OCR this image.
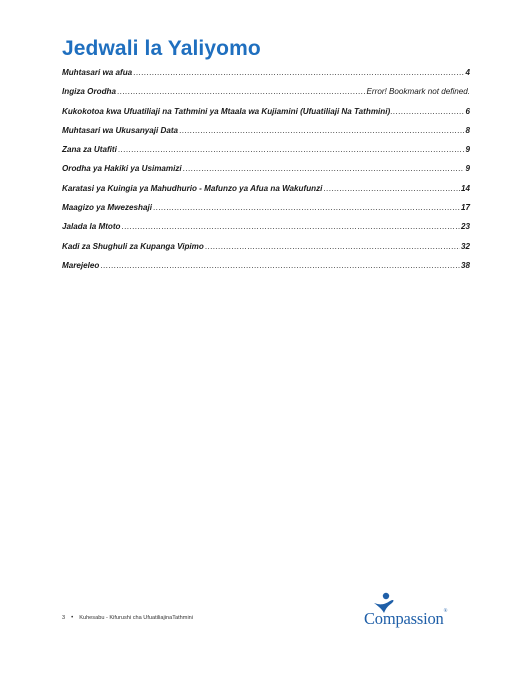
Jedwali la Yaliyomo
Muhtasari wa afua .....	4
Ingiza Orodha .....	Error! Bookmark not defined.
Kukokotoa kwa Ufuatiliaji na Tathmini ya Mtaala wa Kujiamini (Ufuatiliaji Na Tathmini) .....	6
Muhtasari wa Ukusanyaji Data .....	8
Zana za Utafiti .....	9
Orodha ya Hakiki ya Usimamizi .....	9
Karatasi ya Kuingia ya Mahudhurio - Mafunzo ya Afua na Wakufunzi .....	14
Maagizo ya Mwezeshaji .....	17
Jalada la Mtoto .....	23
Kadi za Shughuli za Kupanga Vipimo .....	32
Marejeleo .....	38
3 • Kuhesabu - Kifurushi cha UfuatiliajinaTathmini	Compassion®
